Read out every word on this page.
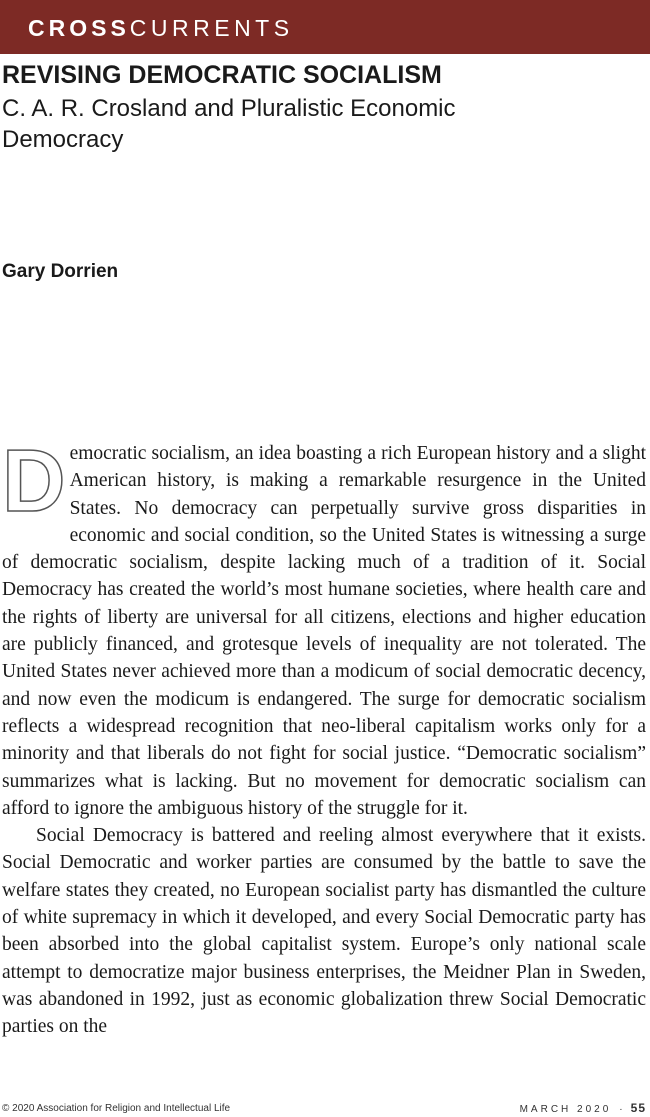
CROSSCURRENTS
REVISING DEMOCRATIC SOCIALISM
C. A. R. Crosland and Pluralistic Economic Democracy
Gary Dorrien

Democratic socialism, an idea boasting a rich European history and a slight American history, is making a remarkable resurgence in the United States. No democracy can perpetually survive gross disparities in economic and social condition, so the United States is witnessing a surge of democratic socialism, despite lacking much of a tradition of it. Social Democracy has created the world’s most humane societies, where health care and the rights of liberty are universal for all citizens, elections and higher education are publicly financed, and grotesque levels of inequality are not tolerated. The United States never achieved more than a modicum of social democratic decency, and now even the modicum is endangered. The surge for democratic socialism reflects a widespread recognition that neo-liberal capitalism works only for a minority and that liberals do not fight for social justice. “Democratic socialism” summarizes what is lacking. But no movement for democratic socialism can afford to ignore the ambiguous history of the struggle for it.

Social Democracy is battered and reeling almost everywhere that it exists. Social Democratic and worker parties are consumed by the battle to save the welfare states they created, no European socialist party has dismantled the culture of white supremacy in which it developed, and every Social Democratic party has been absorbed into the global capitalist system. Europe’s only national scale attempt to democratize major business enterprises, the Meidner Plan in Sweden, was abandoned in 1992, just as economic globalization threw Social Democratic parties on the

© 2020 Association for Religion and Intellectual Life	MARCH 2020 · 55
